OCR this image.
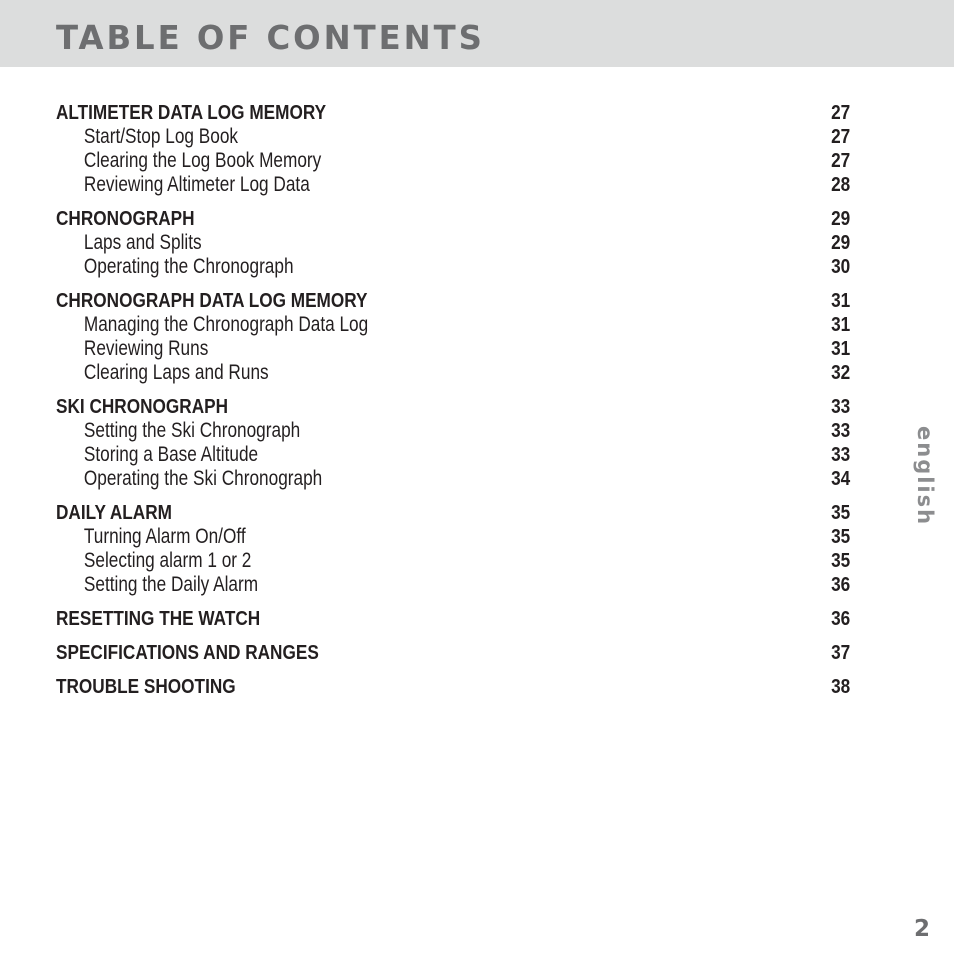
TABLE OF CONTENTS
ALTIMETER DATA LOG MEMORY	27
Start/Stop Log Book	27
Clearing the Log Book Memory	27
Reviewing Altimeter Log Data	28
CHRONOGRAPH	29
Laps and Splits	29
Operating the Chronograph	30
CHRONOGRAPH DATA LOG MEMORY	31
Managing the Chronograph Data Log	31
Reviewing Runs	31
Clearing Laps and Runs	32
SKI CHRONOGRAPH	33
Setting the Ski Chronograph	33
Storing a Base Altitude	33
Operating the Ski Chronograph	34
DAILY ALARM	35
Turning Alarm On/Off	35
Selecting alarm 1 or 2	35
Setting the Daily Alarm	36
RESETTING THE WATCH	36
SPECIFICATIONS AND RANGES	37
TROUBLE SHOOTING	38
english
2
